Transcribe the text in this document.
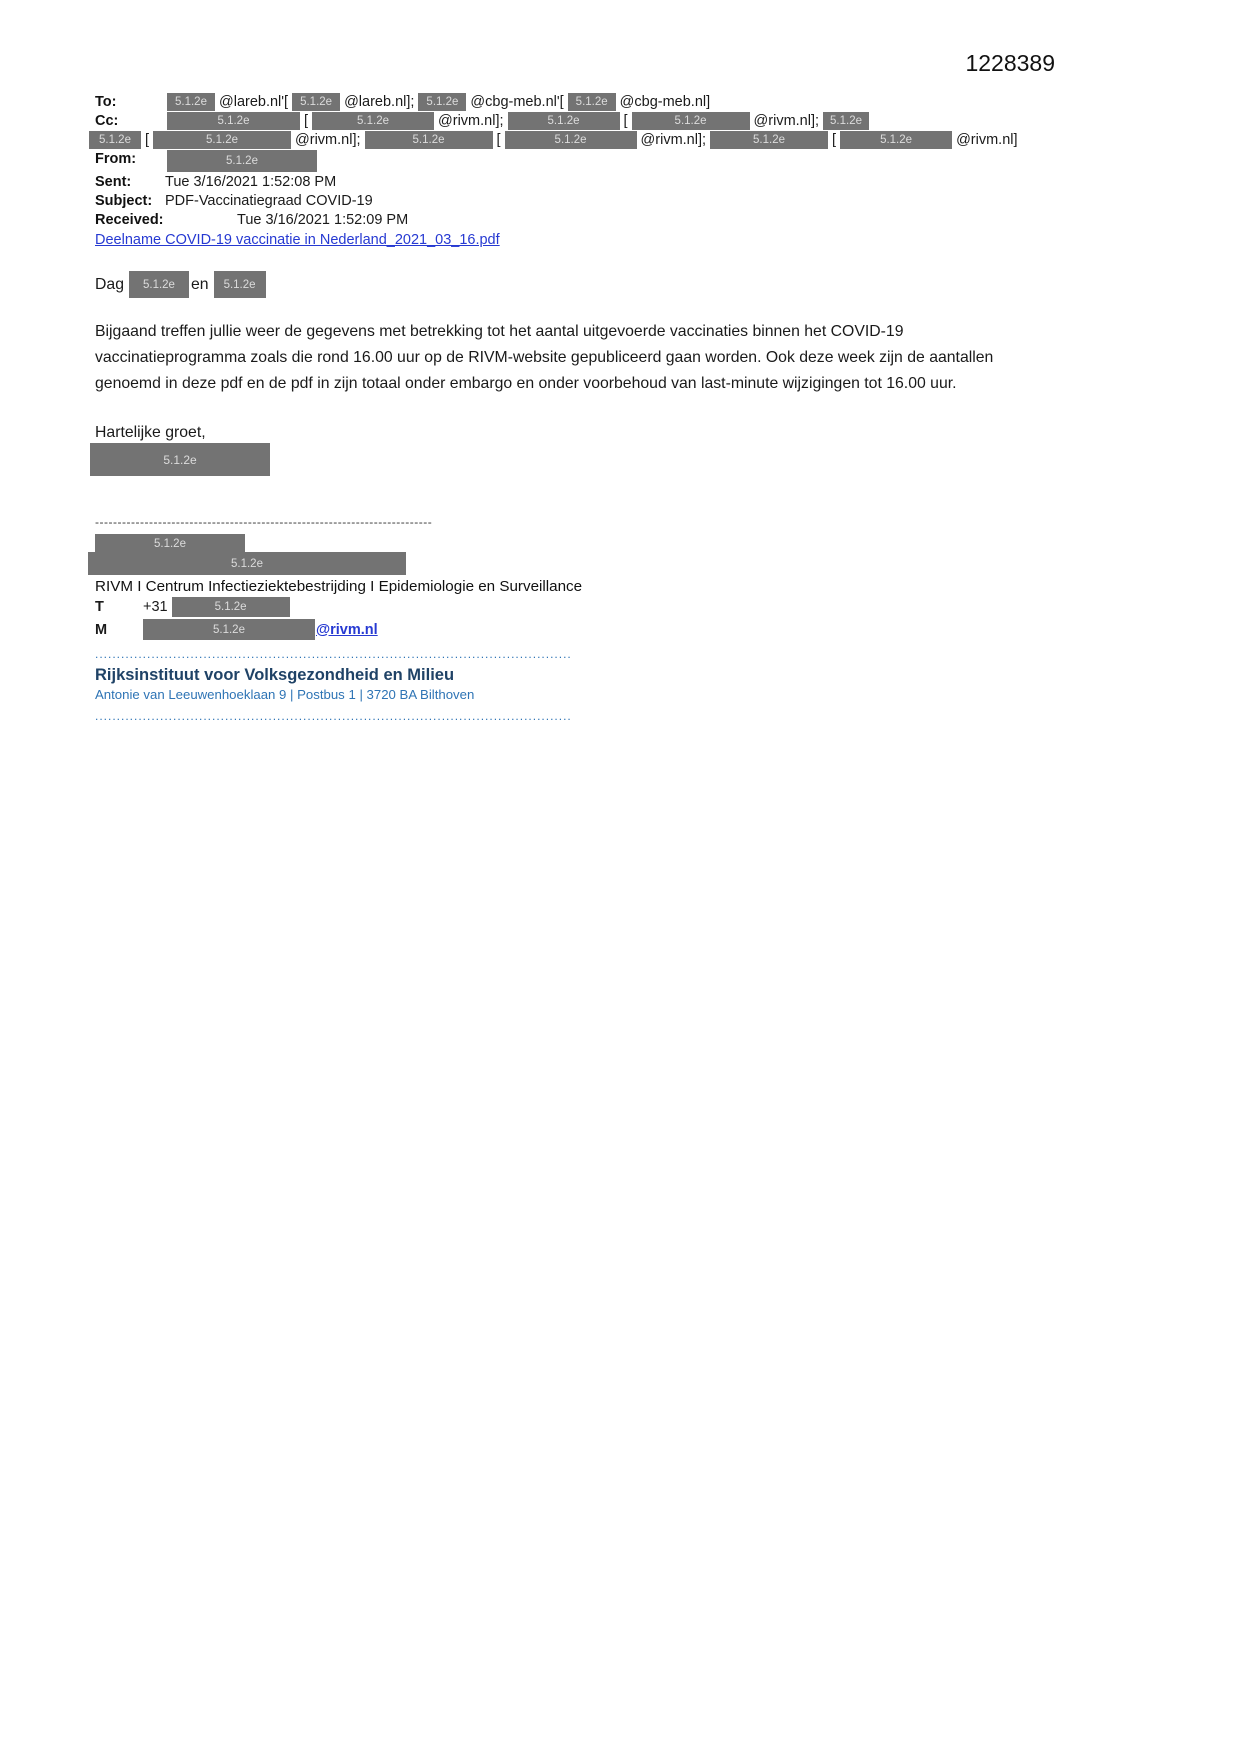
1228389
To:	5.1.2e @lareb.nl'[	5.1.2e @lareb.nl];	5.1.2e @cbg-meb.nl'[	5.1.2e @cbg-meb.nl]
Cc:	5.1.2e	[	5.1.2e	@rivm.nl];	5.1.2e	[	5.1.2e	@rivm.nl]; 5.1.2e
5.1.2e [	5.1.2e	@rivm.nl];	5.1.2e	[	5.1.2e	@rivm.nl];	5.1.2e	[	5.1.2e	@rivm.nl]
From:	5.1.2e
Sent:	Tue 3/16/2021 1:52:08 PM
Subject: PDF-Vaccinatiegraad COVID-19
Received:	Tue 3/16/2021 1:52:09 PM
Deelname COVID-19 vaccinatie in Nederland_2021_03_16.pdf
Dag	5.1.2e	en	5.1.2e
Bijgaand treffen jullie weer de gegevens met betrekking tot het aantal uitgevoerde vaccinaties binnen het COVID-19 vaccinatieprogramma zoals die rond 16.00 uur op de RIVM-website gepubliceerd gaan worden. Ook deze week zijn de aantallen genoemd in deze pdf en de pdf in zijn totaal onder embargo en onder voorbehoud van last-minute wijzigingen tot 16.00 uur.
Hartelijke groet,
5.1.2e
---------------------------------------------------------------------------
5.1.2e
5.1.2e
RIVM I Centrum Infectieziektebestrijding I Epidemiologie en Surveillance
T	+31	5.1.2e
M	5.1.2e	@rivm.nl
..............................................................................................................
Rijksinstituut voor Volksgezondheid en Milieu
Antonie van Leeuwenhoeklaan 9 | Postbus 1 | 3720 BA Bilthoven
..............................................................................................................
